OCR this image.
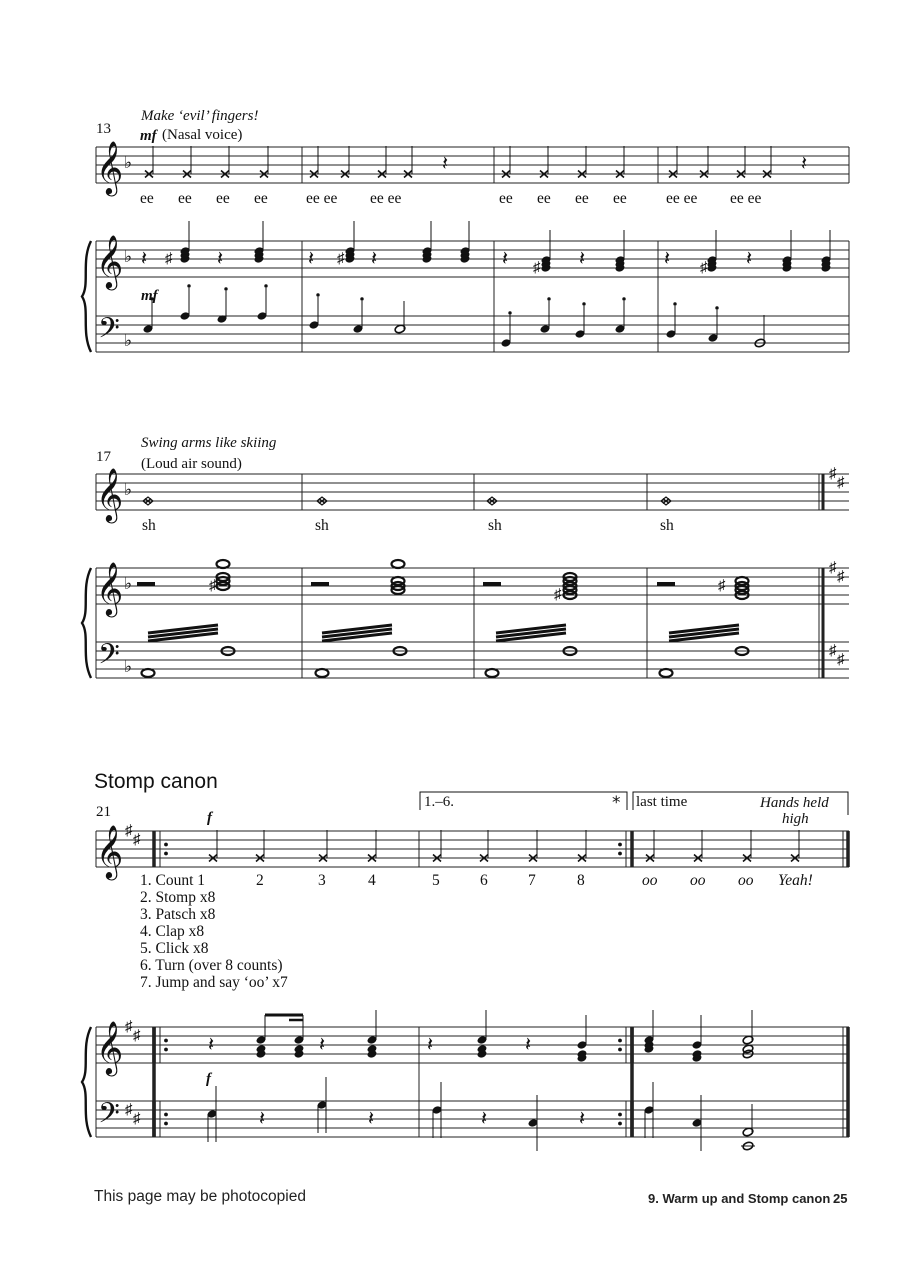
𝄞
𝄞
𝄢
♭
♭
♭
𝄽	𝄽
𝄽	𝄽	𝄽	𝄽	𝄽	𝄽	𝄽	𝄽
♯	♯
♯	♯
𝄞
𝄞
𝄢
♭
♭
♭
♯
♯
♯
♯
♯
♯
♯
♯
♯
𝄞
𝄞
𝄢
♯
♯
♯
♯
♯
♯
𝄽	𝄽	𝄽	𝄽
𝄽	𝄽	𝄽	𝄽
Make ‘evil’ fingers!
13 mf (Nasal voice)
mf
ee ee ee ee ee ee ee ee	ee ee ee ee	ee ee ee ee
Swing arms like skiing
17 (Loud air sound)
sh	sh	sh	sh
Stomp canon
21	f
f
1.–6.	* last time	Hands held
high
1. Count 1	2	3	4	5	6	7	8	oo oo oo Yeah!
2. Stomp x8
3. Patsch x8
4. Clap x8
5. Click x8
6. Turn (over 8 counts)
7. Jump and say ‘oo’ x7
This page may be photocopied	9. Warm up and Stomp canon 25
